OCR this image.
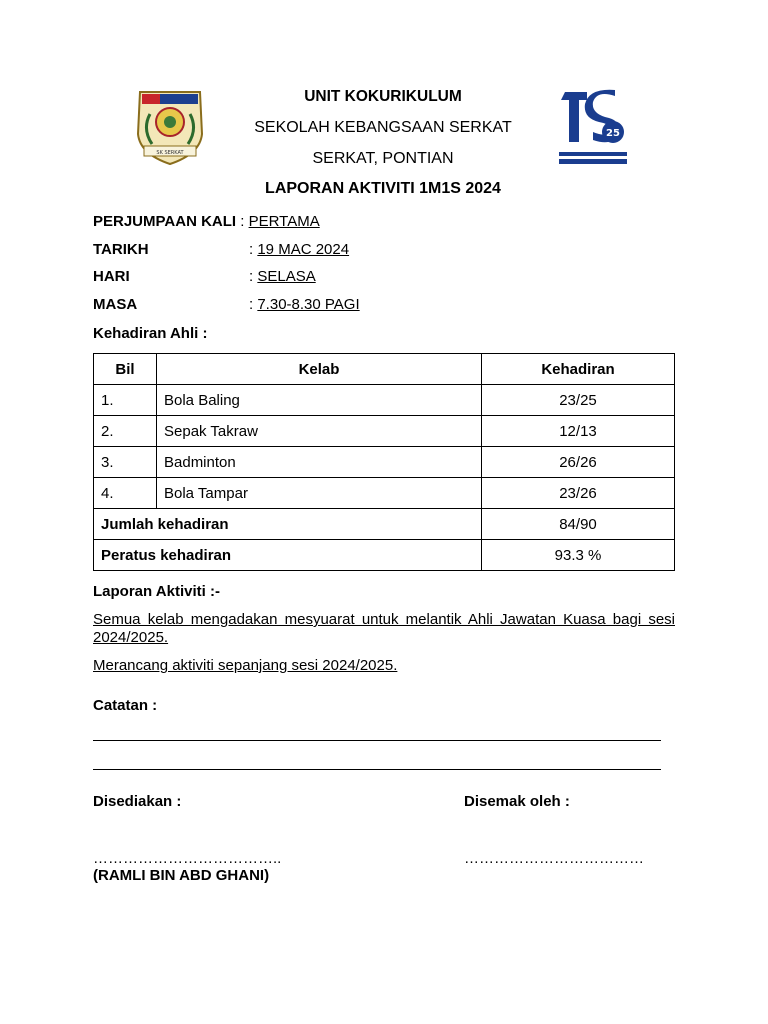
SK SERKAT
25
UNIT KOKURIKULUM
SEKOLAH KEBANGSAAN SERKAT
SERKAT, PONTIAN
LAPORAN AKTIVITI 1M1S 2024
PERJUMPAAN KALI : PERTAMA
TARIKH	: 19 MAC 2024
HARI	: SELASA
MASA	: 7.30-8.30 PAGI
Kehadiran Ahli :
Bil	Kelab	Kehadiran
1.	Bola Baling	23/25
2.	Sepak Takraw	12/13
3.	Badminton	26/26
4.	Bola Tampar	23/26
Jumlah kehadiran		84/90
Peratus kehadiran		93.3 %
Laporan Aktiviti :-
Semua kelab mengadakan mesyuarat untuk melantik Ahli Jawatan Kuasa bagi sesi 2024/2025.
Merancang aktiviti sepanjang sesi 2024/2025.
Catatan :
Disediakan :	Disemak oleh :
………………………………..	………………………………
(RAMLI BIN ABD GHANI)
